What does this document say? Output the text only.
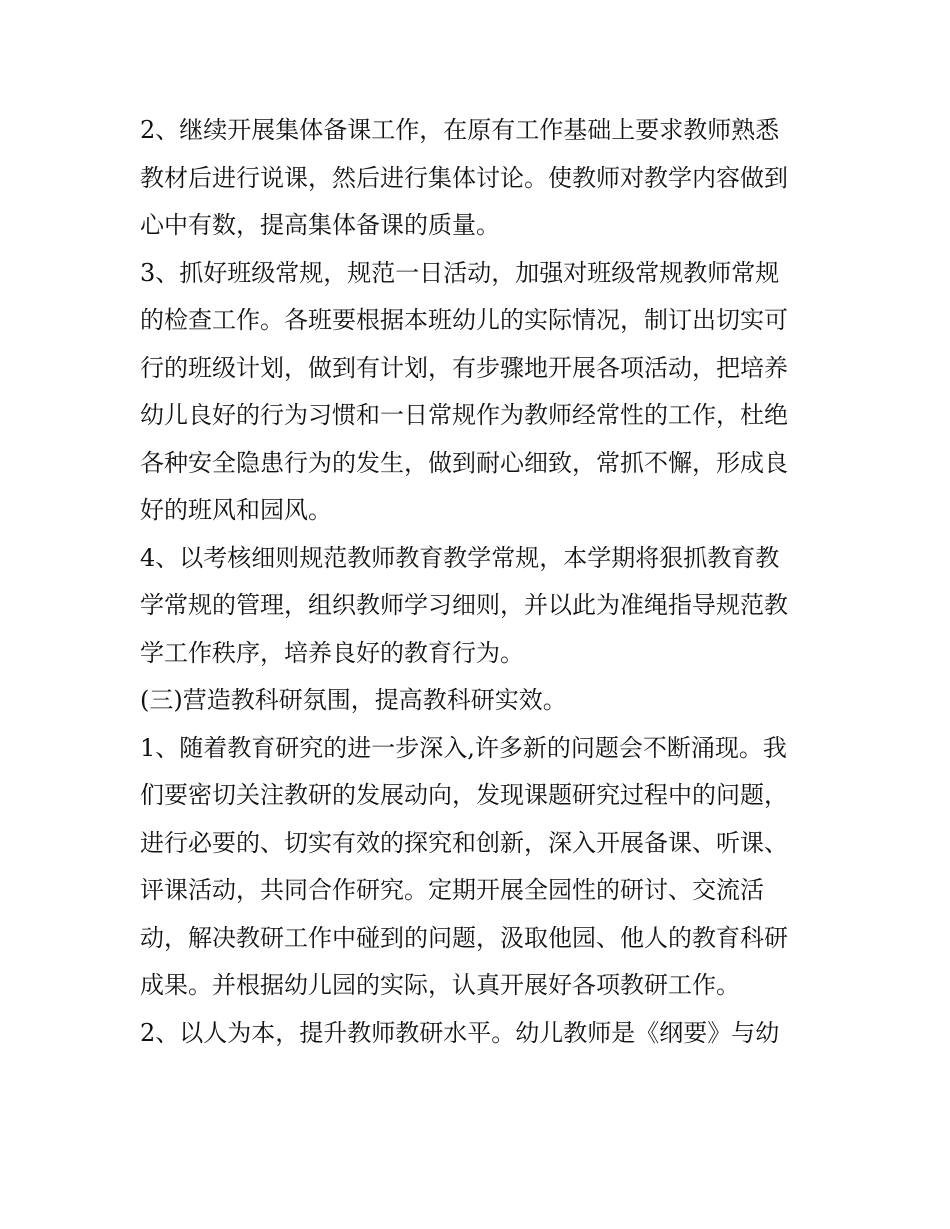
2、继续开展集体备课工作，在原有工作基础上要求教师熟悉
教材后进行说课，然后进行集体讨论。使教师对教学内容做到
心中有数，提高集体备课的质量。
3、抓好班级常规，规范一日活动，加强对班级常规教师常规
的检查工作。各班要根据本班幼儿的实际情况，制订出切实可
行的班级计划，做到有计划，有步骤地开展各项活动，把培养
幼儿良好的行为习惯和一日常规作为教师经常性的工作，杜绝
各种安全隐患行为的发生，做到耐心细致，常抓不懈，形成良
好的班风和园风。
4、以考核细则规范教师教育教学常规，本学期将狠抓教育教
学常规的管理，组织教师学习细则，并以此为准绳指导规范教
学工作秩序，培养良好的教育行为。
(三)营造教科研氛围，提高教科研实效。
1、随着教育研究的进一步深入,许多新的问题会不断涌现。我
们要密切关注教研的发展动向，发现课题研究过程中的问题，
进行必要的、切实有效的探究和创新，深入开展备课、听课、
评课活动，共同合作研究。定期开展全园性的研讨、交流活
动，解决教研工作中碰到的问题，汲取他园、他人的教育科研
成果。并根据幼儿园的实际，认真开展好各项教研工作。
2、以人为本，提升教师教研水平。幼儿教师是《纲要》与幼
